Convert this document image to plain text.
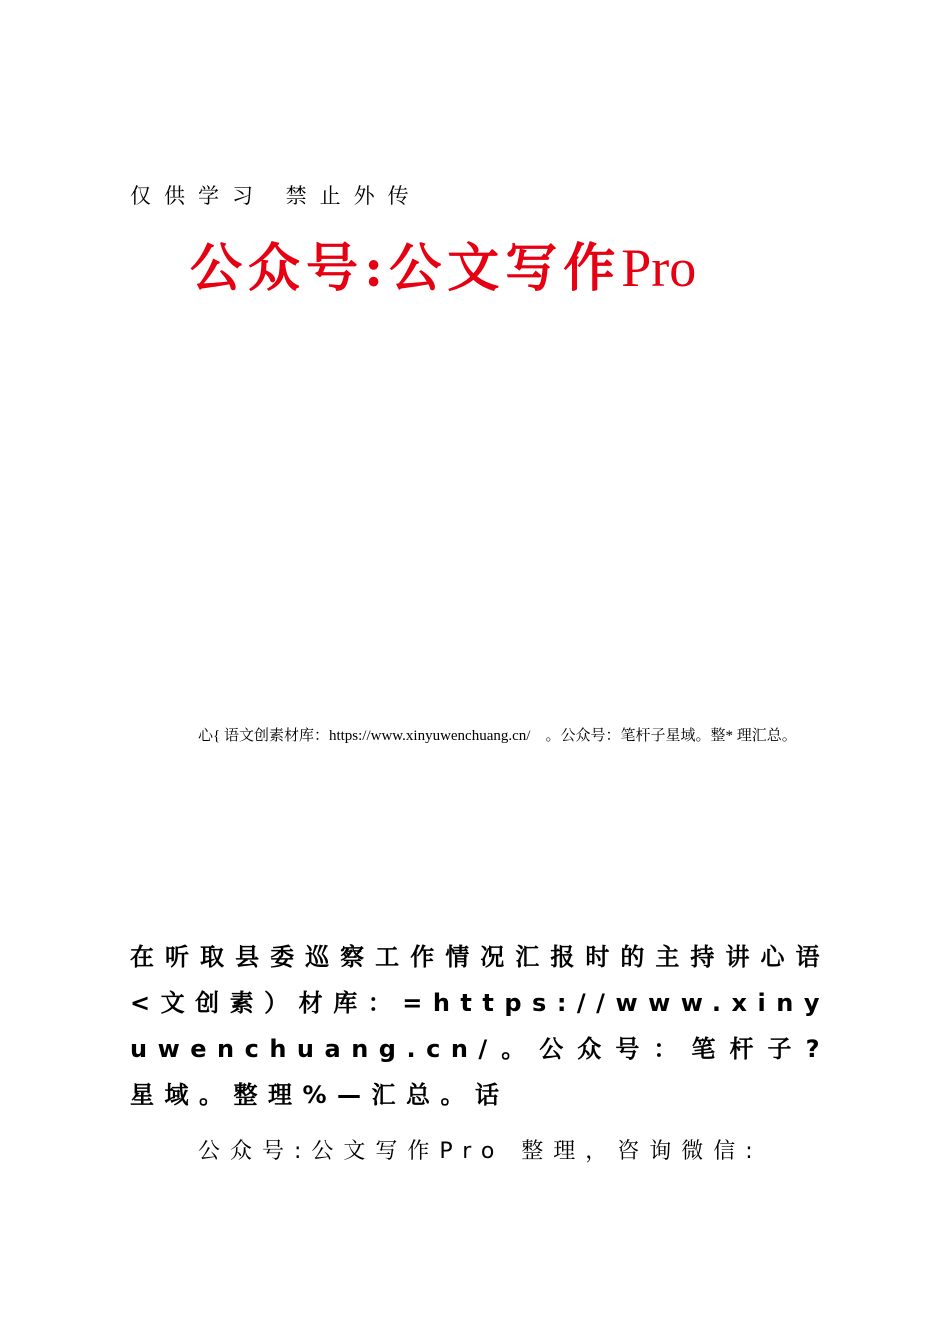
仅供学习 禁止外传
公众号:公文写作Pro
心{ 语文创素材库：https://www.xinyuwenchuang.cn/　。公众号：笔杆子星域。整* 理汇总。
在听取县委巡察工作情况汇报时的主持讲心语<文创素）材库：=https://www.xinyuwenchuang.cn/。公众号：笔杆子?星域。整理%—汇总。话
公众号:公文写作Pro 整理，咨询微信:
